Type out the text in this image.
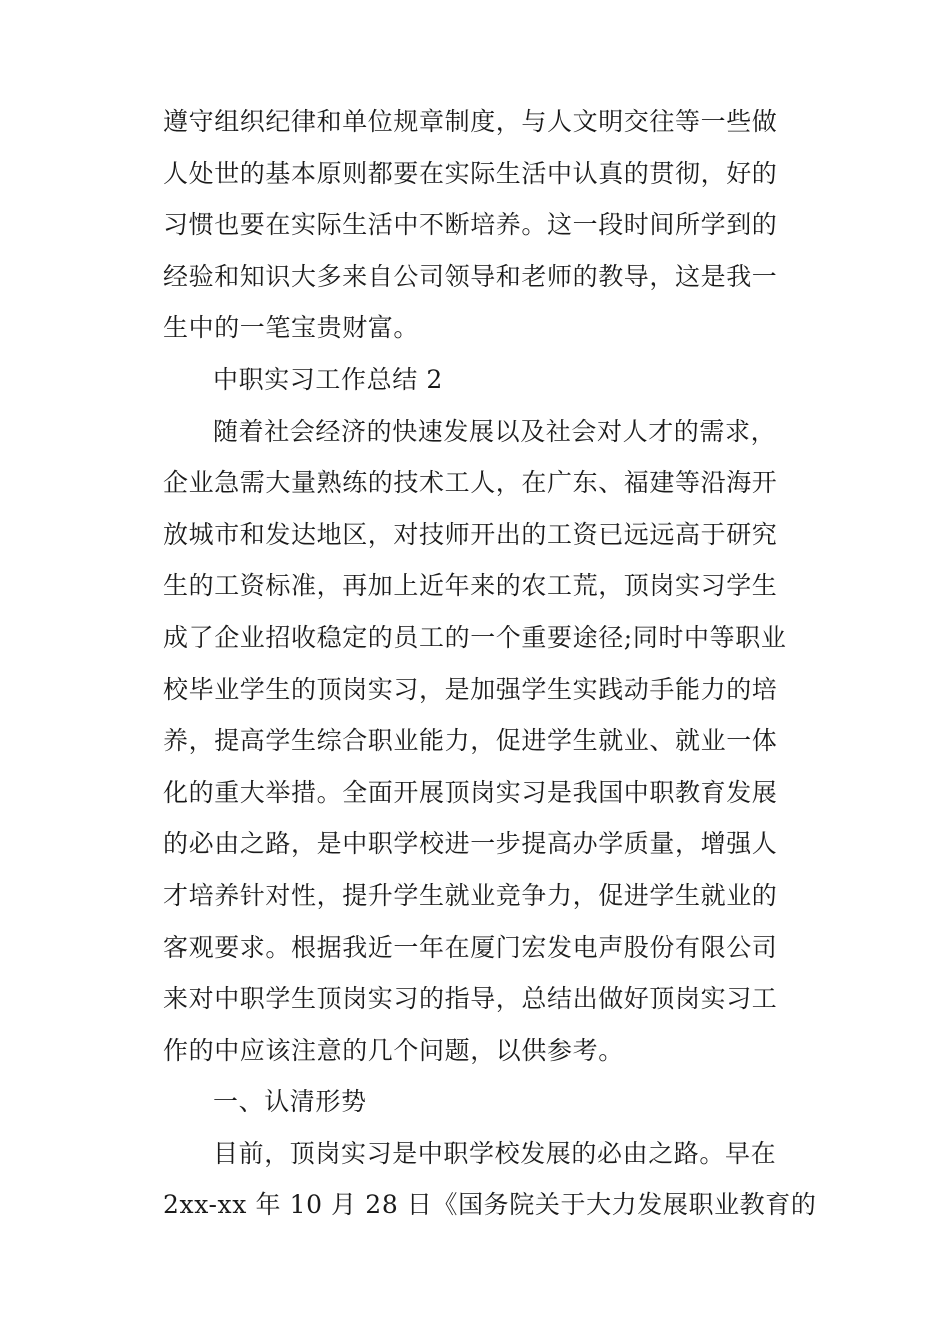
遵守组织纪律和单位规章制度，与人文明交往等一些做
人处世的基本原则都要在实际生活中认真的贯彻，好的
习惯也要在实际生活中不断培养。这一段时间所学到的
经验和知识大多来自公司领导和老师的教导，这是我一
生中的一笔宝贵财富。
中职实习工作总结 2
随着社会经济的快速发展以及社会对人才的需求，
企业急需大量熟练的技术工人，在广东、福建等沿海开
放城市和发达地区，对技师开出的工资已远远高于研究
生的工资标准，再加上近年来的农工荒，顶岗实习学生
成了企业招收稳定的员工的一个重要途径;同时中等职业
校毕业学生的顶岗实习，是加强学生实践动手能力的培
养，提高学生综合职业能力，促进学生就业、就业一体
化的重大举措。全面开展顶岗实习是我国中职教育发展
的必由之路，是中职学校进一步提高办学质量，增强人
才培养针对性，提升学生就业竞争力，促进学生就业的
客观要求。根据我近一年在厦门宏发电声股份有限公司
来对中职学生顶岗实习的指导，总结出做好顶岗实习工
作的中应该注意的几个问题，以供参考。
一、认清形势
目前，顶岗实习是中职学校发展的必由之路。早在
2xx-xx 年 10 月 28 日《国务院关于大力发展职业教育的
